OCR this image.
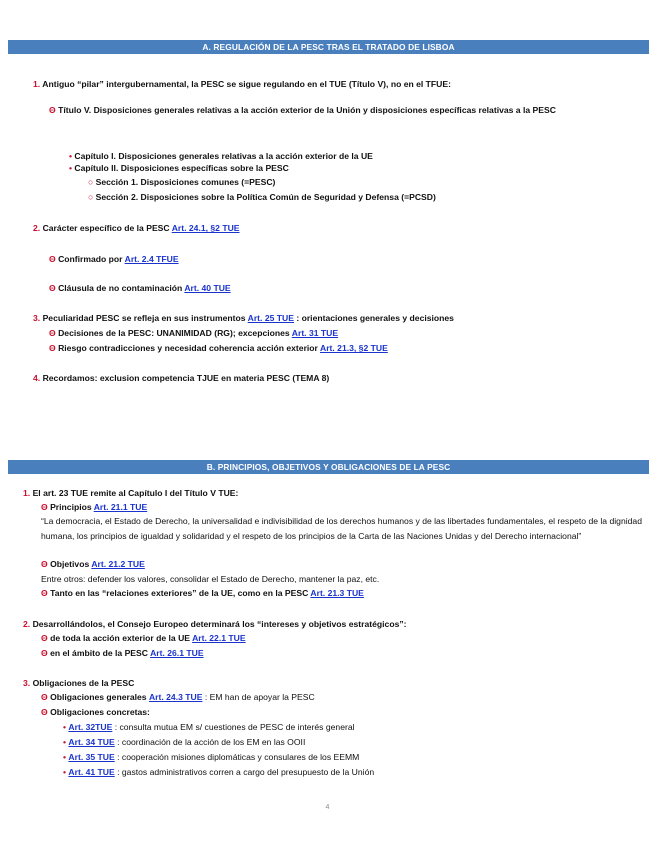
A. REGULACIÓN DE LA PESC TRAS EL TRATADO DE LISBOA
1. Antiguo “pilar” intergubernamental, la PESC se sigue regulando en el TUE (Título V), no en el TFUE:
Θ Título V. Disposiciones generales relativas a la acción exterior de la Unión y disposiciones específicas relativas a la PESC
• Capítulo I. Disposiciones generales relativas a la acción exterior de la UE
• Capítulo II. Disposiciones específicas sobre la PESC
○ Sección 1. Disposiciones comunes (=PESC)
○ Sección 2. Disposiciones sobre la Política Común de Seguridad y Defensa (=PCSD)
2. Carácter específico de la PESC Art. 24.1, §2 TUE
Θ Confirmado por Art. 2.4 TFUE
Θ Cláusula de no contaminación Art. 40 TUE
3. Peculiaridad PESC se refleja en sus instrumentos Art. 25 TUE : orientaciones generales y decisiones
Θ Decisiones de la PESC: UNANIMIDAD (RG); excepciones Art. 31 TUE
Θ Riesgo contradicciones y necesidad coherencia acción exterior Art. 21.3, §2 TUE
4. Recordamos: exclusion competencia TJUE en materia PESC (TEMA 8)
B. PRINCIPIOS, OBJETIVOS Y OBLIGACIONES DE LA PESC
1. El art. 23 TUE remite al Capítulo I del Título V TUE:
Θ Principios Art. 21.1 TUE
“La democracia, el Estado de Derecho, la universalidad e indivisibilidad de los derechos humanos y de las libertades fundamentales, el respeto de la dignidad humana, los principios de igualdad y solidaridad y el respeto de los principios de la Carta de las Naciones Unidas y del Derecho internacional”
Θ Objetivos Art. 21.2 TUE
Entre otros: defender los valores, consolidar el Estado de Derecho, mantener la paz, etc.
Θ Tanto en las “relaciones exteriores” de la UE, como en la PESC Art. 21.3 TUE
2. Desarrollándolos, el Consejo Europeo determinará los “intereses y objetivos estratégicos”:
Θ de toda la acción exterior de la UE Art. 22.1 TUE
Θ en el ámbito de la PESC Art. 26.1 TUE
3. Obligaciones de la PESC
Θ Obligaciones generales Art. 24.3 TUE : EM han de apoyar la PESC
Θ Obligaciones concretas:
• Art. 32TUE : consulta mutua EM s/ cuestiones de PESC de interés general
• Art. 34 TUE : coordinación de la acción de los EM en las OOII
• Art. 35 TUE : cooperación misiones diplomáticas y consulares de los EEMM
• Art. 41 TUE : gastos administrativos corren a cargo del presupuesto de la Unión
4
